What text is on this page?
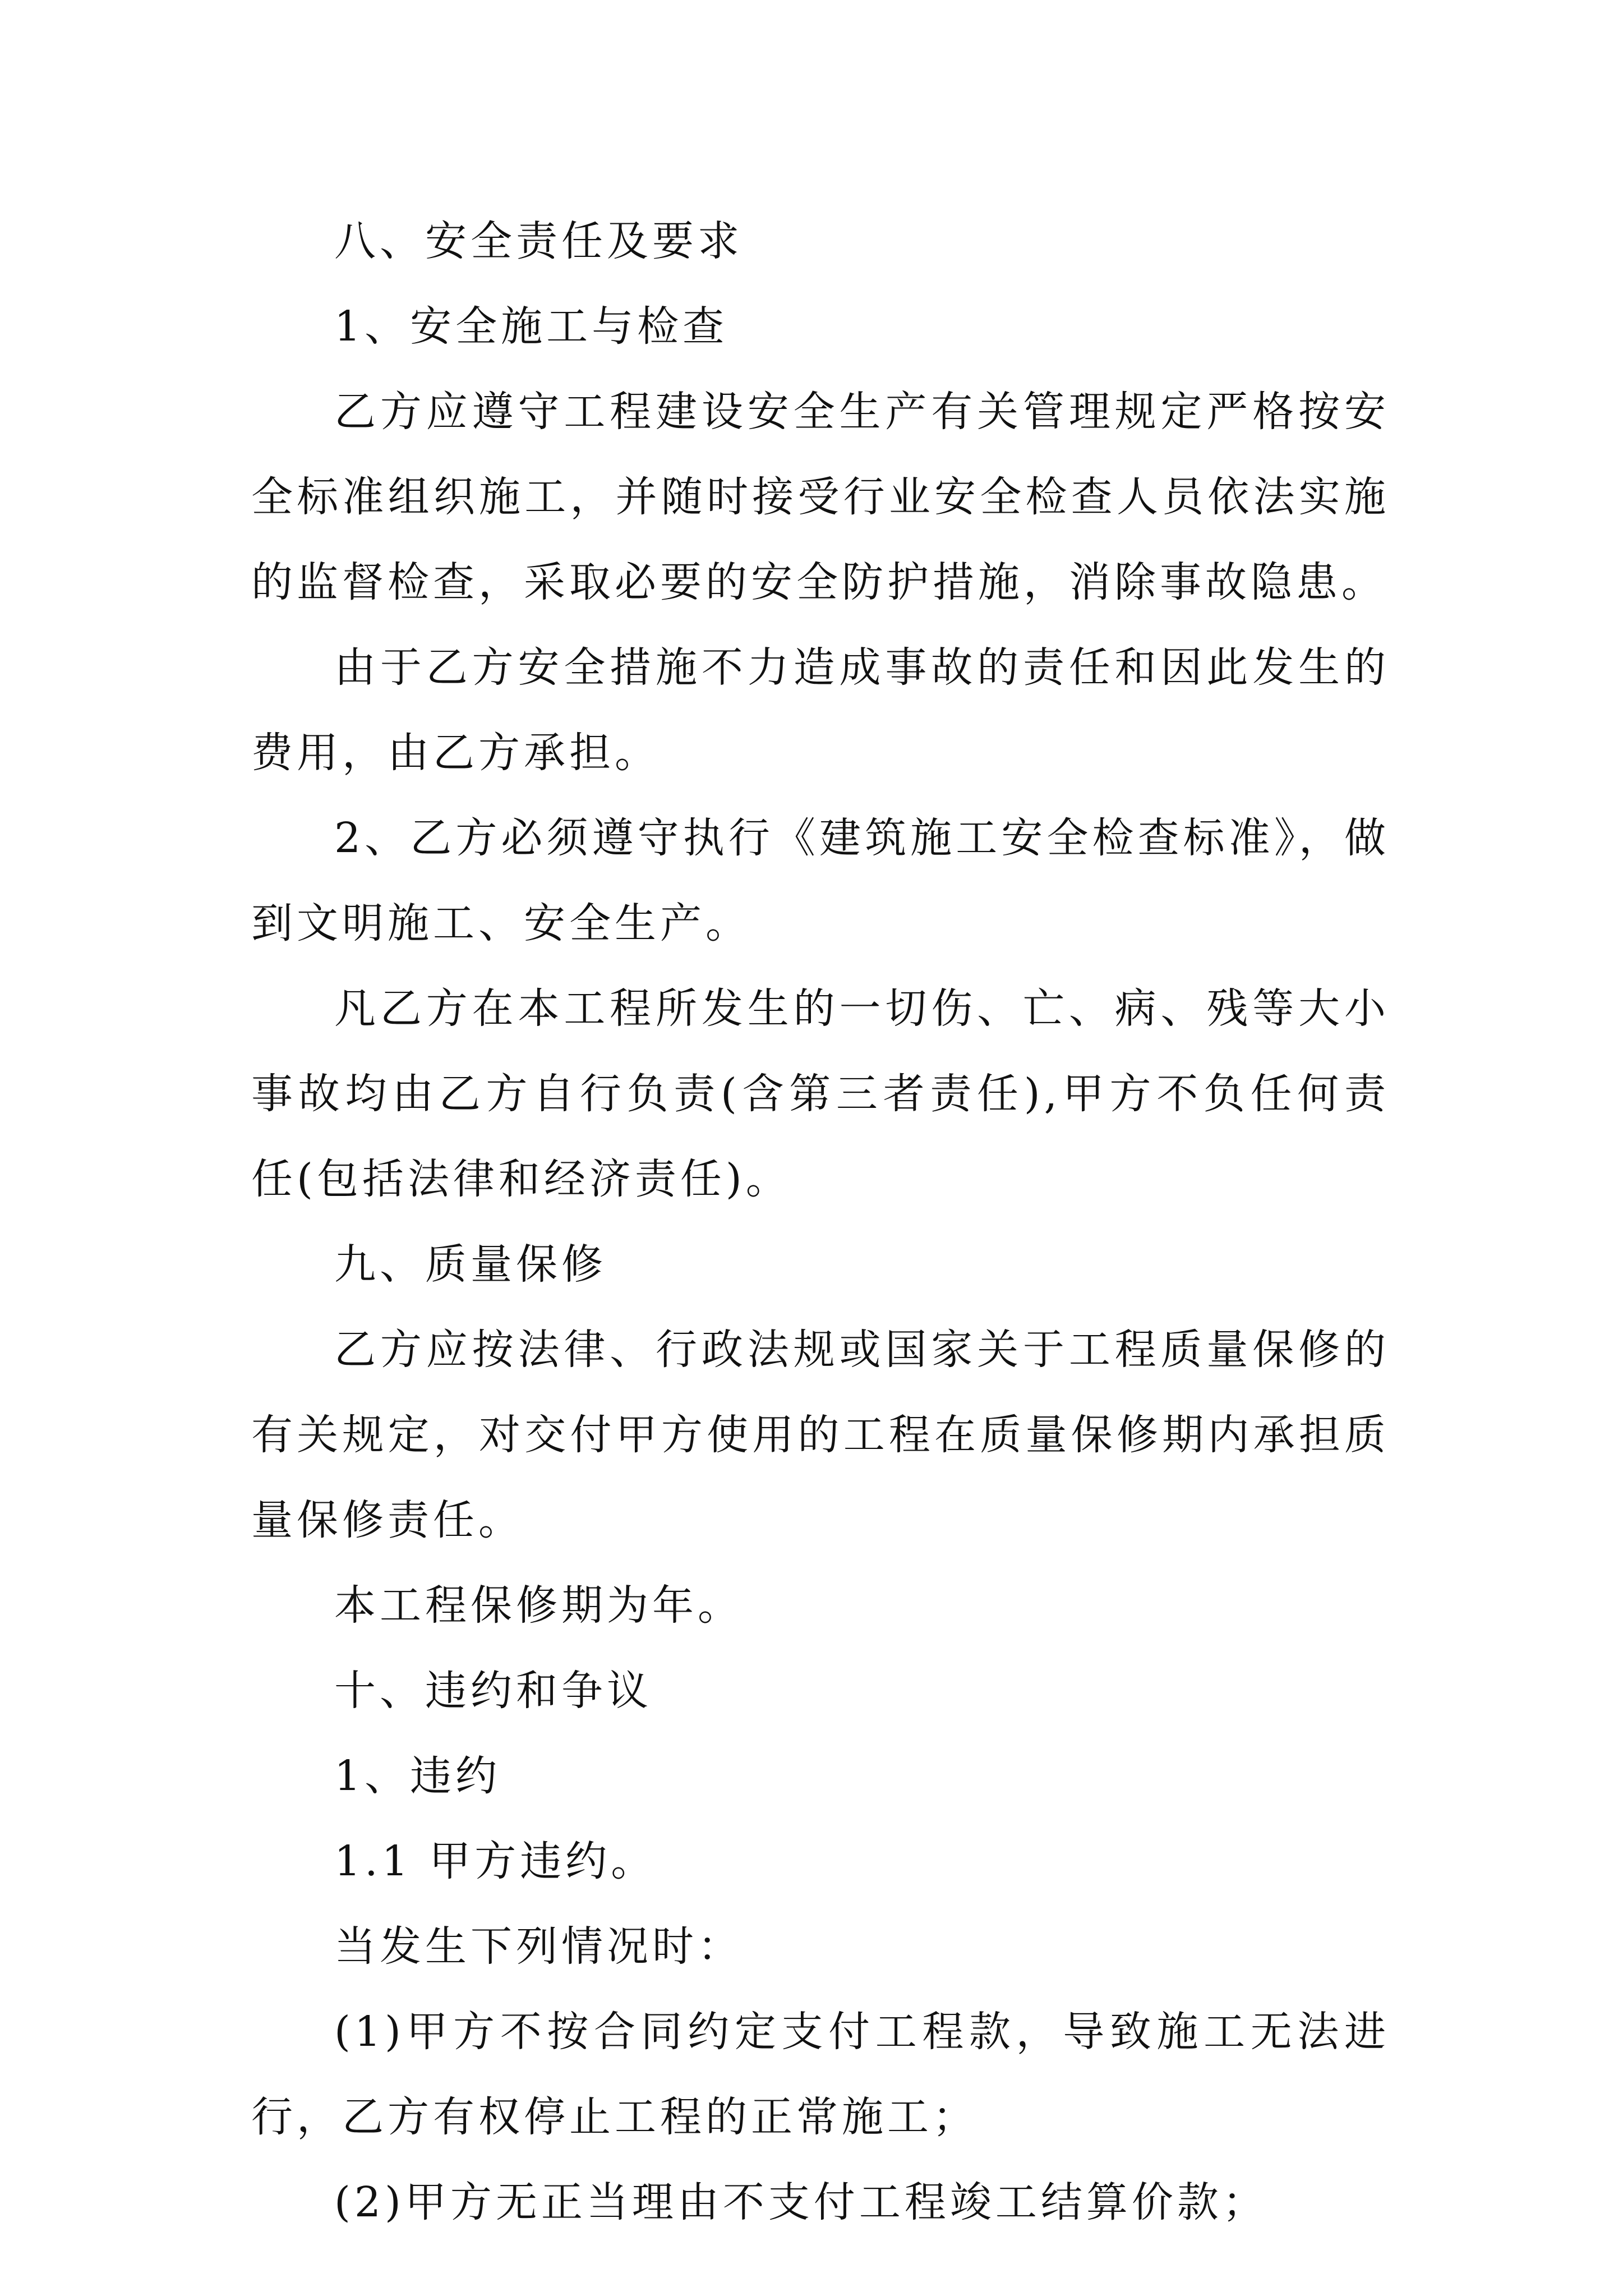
八、安全责任及要求

1、安全施工与检查

乙方应遵守工程建设安全生产有关管理规定严格按安全标准组织施工，并随时接受行业安全检查人员依法实施的监督检查，采取必要的安全防护措施，消除事故隐患。

由于乙方安全措施不力造成事故的责任和因此发生的费用，由乙方承担。

2、乙方必须遵守执行《建筑施工安全检查标准》，做到文明施工、安全生产。

凡乙方在本工程所发生的一切伤、亡、病、残等大小事故均由乙方自行负责(含第三者责任),甲方不负任何责任(包括法律和经济责任)。

九、质量保修

乙方应按法律、行政法规或国家关于工程质量保修的有关规定，对交付甲方使用的工程在质量保修期内承担质量保修责任。

本工程保修期为年。

十、违约和争议

1、违约

1.1 甲方违约。

当发生下列情况时：

(1)甲方不按合同约定支付工程款，导致施工无法进行，乙方有权停止工程的正常施工；

(2)甲方无正当理由不支付工程竣工结算价款；
